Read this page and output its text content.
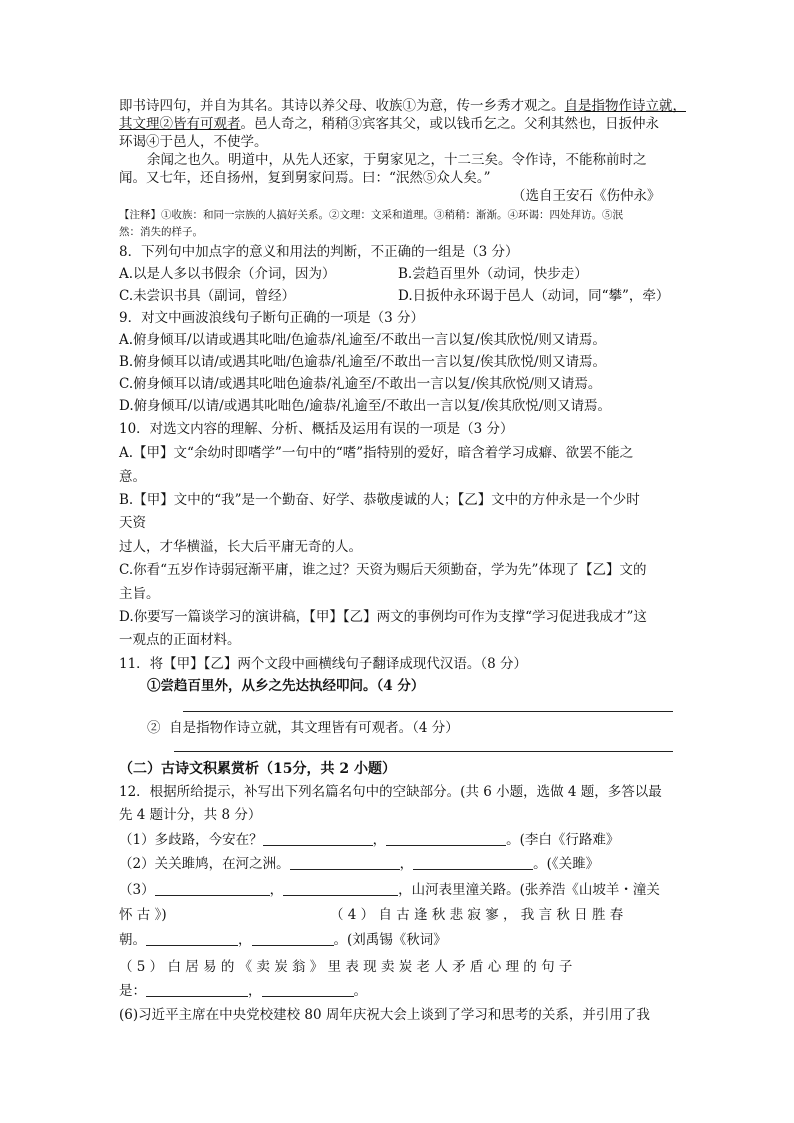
即书诗四句，并自为其名。其诗以养父母、收族①为意，传一乡秀才观之。自是指物作诗立就，
其文理②皆有可观者。邑人奇之，稍稍③宾客其父，或以钱币乞之。父利其然也，日扳仲永
环谒④于邑人，不使学。
余闻之也久。明道中，从先人还家，于舅家见之，十二三矣。令作诗，不能称前时之
闻。又七年，还自扬州，复到舅家问焉。曰：“泯然⑤众人矣。”
（选自王安石《伤仲永》
【注释】①收族：和同一宗族的人搞好关系。②文理：文采和道理。③稍稍：渐渐。④环谒：四处拜访。⑤泯
然：消失的样子。
8．下列句中加点字的意义和用法的判断，不正确的一组是（3 分）
A.以是人多以书假余（介词，因为）	B.尝趋百里外（动词，快步走）
C.未尝识书具（副词，曾经）	D.日扳仲永环谒于邑人（动词，同“攀”，牵）
9．对文中画波浪线句子断句正确的一项是（3 分）
A.俯身倾耳/以请或遇其叱咄/色逾恭/礼逾至/不敢出一言以复/俟其欣悦/则又请焉。
B.俯身倾耳以请/或遇其叱咄/色逾恭/礼逾至/不敢出一言以复/俟其欣悦/则又请焉。
C.俯身倾耳以请/或遇其叱咄色逾恭/礼逾至/不敢出一言以复/俟其欣悦/则又请焉。
D.俯身倾耳/以请/或遇其叱咄色/逾恭/礼逾至/不敢出一言以复/俟其欣悦/则又请焉。
10．对选文内容的理解、分析、概括及运用有误的一项是（3 分）
A.【甲】文“余幼时即嗜学”一句中的“嗜”指特别的爱好，暗含着学习成癖、欲罢不能之
意。
B.【甲】文中的“我”是一个勤奋、好学、恭敬虔诚的人；【乙】文中的方仲永是一个少时
天资
过人，才华横溢，长大后平庸无奇的人。
C.你看“五岁作诗弱冠渐平庸，谁之过？天资为赐后天须勤奋，学为先”体现了【乙】文的
主旨。
D.你要写一篇谈学习的演讲稿，【甲】【乙】两文的事例均可作为支撑“学习促进我成才”这
一观点的正面材料。
11．将【甲】【乙】两个文段中画横线句子翻译成现代汉语。（8 分）
①尝趋百里外，从乡之先达执经叩问。（4 分）
② 自是指物作诗立就，其文理皆有可观者。（4 分）
（二）古诗文积累赏析（15分，共 2 小题）
12．根据所给提示，补写出下列名篇名句中的空缺部分。(共 6 小题，选做 4 题，多答以最
先 4 题计分，共 8 分）
（1）多歧路，今安在？	，	。(李白《行路难》
（2）关关雎鸠，在河之洲。	，	。(《关雎》
（3）	，	，山河表里潼关路。(张养浩《山坡羊・潼关
怀 古 》)	（ 4 ） 自 古 逢 秋 悲 寂 寥 ， 我 言 秋 日 胜 春
朝。	，	。(刘禹锡《秋词》
（ 5 ） 白 居 易 的 《 卖 炭 翁 》 里 表 现 卖 炭 老 人 矛 盾 心 理 的 句 子
是：	，	。
(6)习近平主席在中央党校建校 80 周年庆祝大会上谈到了学习和思考的关系，并引用了我
